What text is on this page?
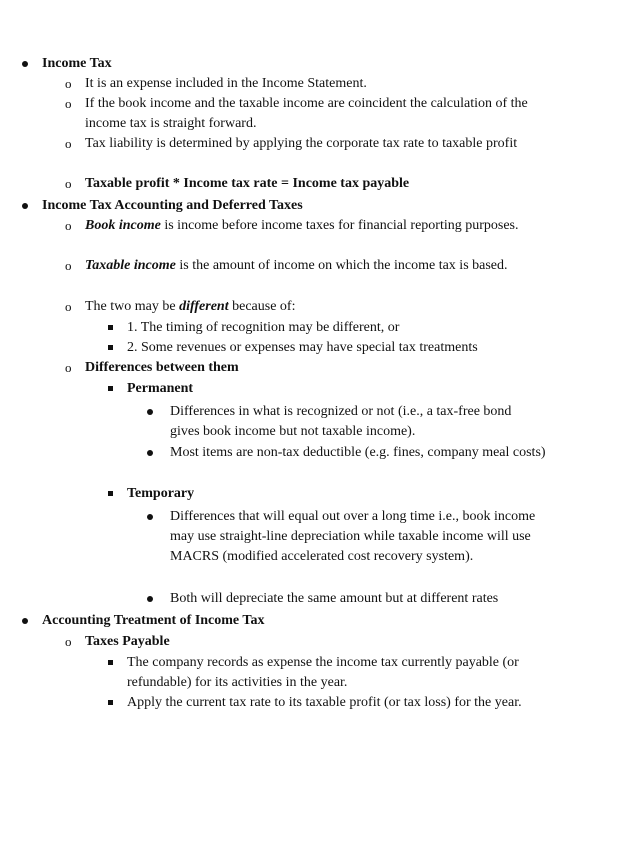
Income Tax
o It is an expense included in the Income Statement.
o If the book income and the taxable income are coincident the calculation of the income tax is straight forward.
o Tax liability is determined by applying the corporate tax rate to taxable profit
o Taxable profit * Income tax rate = Income tax payable
Income Tax Accounting and Deferred Taxes
o Book income is income before income taxes for financial reporting purposes.
o Taxable income is the amount of income on which the income tax is based.
o The two may be different because of:
1. The timing of recognition may be different, or
2. Some revenues or expenses may have special tax treatments
o Differences between them
Permanent
Differences in what is recognized or not (i.e., a tax-free bond gives book income but not taxable income).
Most items are non-tax deductible (e.g. fines, company meal costs)
Temporary
Differences that will equal out over a long time i.e., book income may use straight-line depreciation while taxable income will use MACRS (modified accelerated cost recovery system).
Both will depreciate the same amount but at different rates
Accounting Treatment of Income Tax
o Taxes Payable
The company records as expense the income tax currently payable (or refundable) for its activities in the year.
Apply the current tax rate to its taxable profit (or tax loss) for the year.
